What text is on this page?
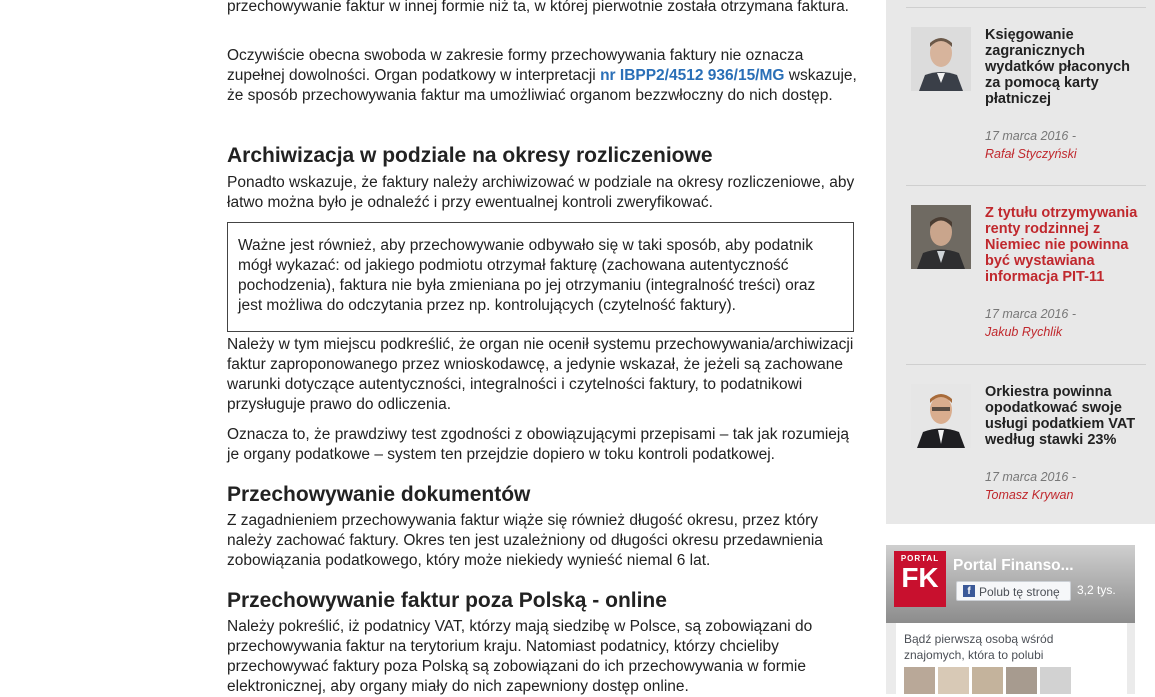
przechowywanie faktur w innej formie niż ta, w której pierwotnie została otrzymana faktura.

Oczywiście obecna swoboda w zakresie formy przechowywania faktury nie oznacza zupełnej dowolności. Organ podatkowy w interpretacji nr IBPP2/4512 936/15/MG wskazuje, że sposób przechowywania faktur ma umożliwiać organom bezzwłoczny do nich dostęp.

Archiwizacja w podziale na okresy rozliczeniowe

Ponadto wskazuje, że faktury należy archiwizować w podziale na okresy rozliczeniowe, aby łatwo można było je odnaleźć i przy ewentualnej kontroli zweryfikować.

Ważne jest również, aby przechowywanie odbywało się w taki sposób, aby podatnik mógł wykazać: od jakiego podmiotu otrzymał fakturę (zachowana autentyczność pochodzenia), faktura nie była zmieniana po jej otrzymaniu (integralność treści) oraz jest możliwa do odczytania przez np. kontrolujących (czytelność faktury).

Należy w tym miejscu podkreślić, że organ nie ocenił systemu przechowywania/archiwizacji faktur zaproponowanego przez wnioskodawcę, a jedynie wskazał, że jeżeli są zachowane warunki dotyczące autentyczności, integralności i czytelności faktury, to podatnikowi przysługuje prawo do odliczenia.

Oznacza to, że prawdziwy test zgodności z obowiązującymi przepisami – tak jak rozumieją je organy podatkowe – system ten przejdzie dopiero w toku kontroli podatkowej.

Przechowywanie dokumentów

Z zagadnieniem przechowywania faktur wiąże się również długość okresu, przez który należy zachować faktury. Okres ten jest uzależniony od długości okresu przedawnienia zobowiązania podatkowego, który może niekiedy wynieść niemal 6 lat.

Przechowywanie faktur poza Polską - online

Należy pokreślić, iż podatnicy VAT, którzy mają siedzibę w Polsce, są zobowiązani do przechowywania faktur na terytorium kraju. Natomiast podatnicy, którzy chcieliby przechowywać faktury poza Polską są zobowiązani do ich przechowywania w formie elektronicznej, aby organy miały do nich zapewniony dostęp online.

Księgowanie zagranicznych wydatków płaconych za pomocą karty płatniczej
17 marca 2016 -
Rafał Styczyński
Z tytułu otrzymywania renty rodzinnej z Niemiec nie powinna być wystawiana informacja PIT-11
17 marca 2016 -
Jakub Rychlik
Orkiestra powinna opodatkować swoje usługi podatkiem VAT według stawki 23%
17 marca 2016 -
Tomasz Krywan
PORTAL
FK Portal Finanso...
f Polub tę stronę	3,2 tys.
Bądź pierwszą osobą wśród znajomych, która to polubi
